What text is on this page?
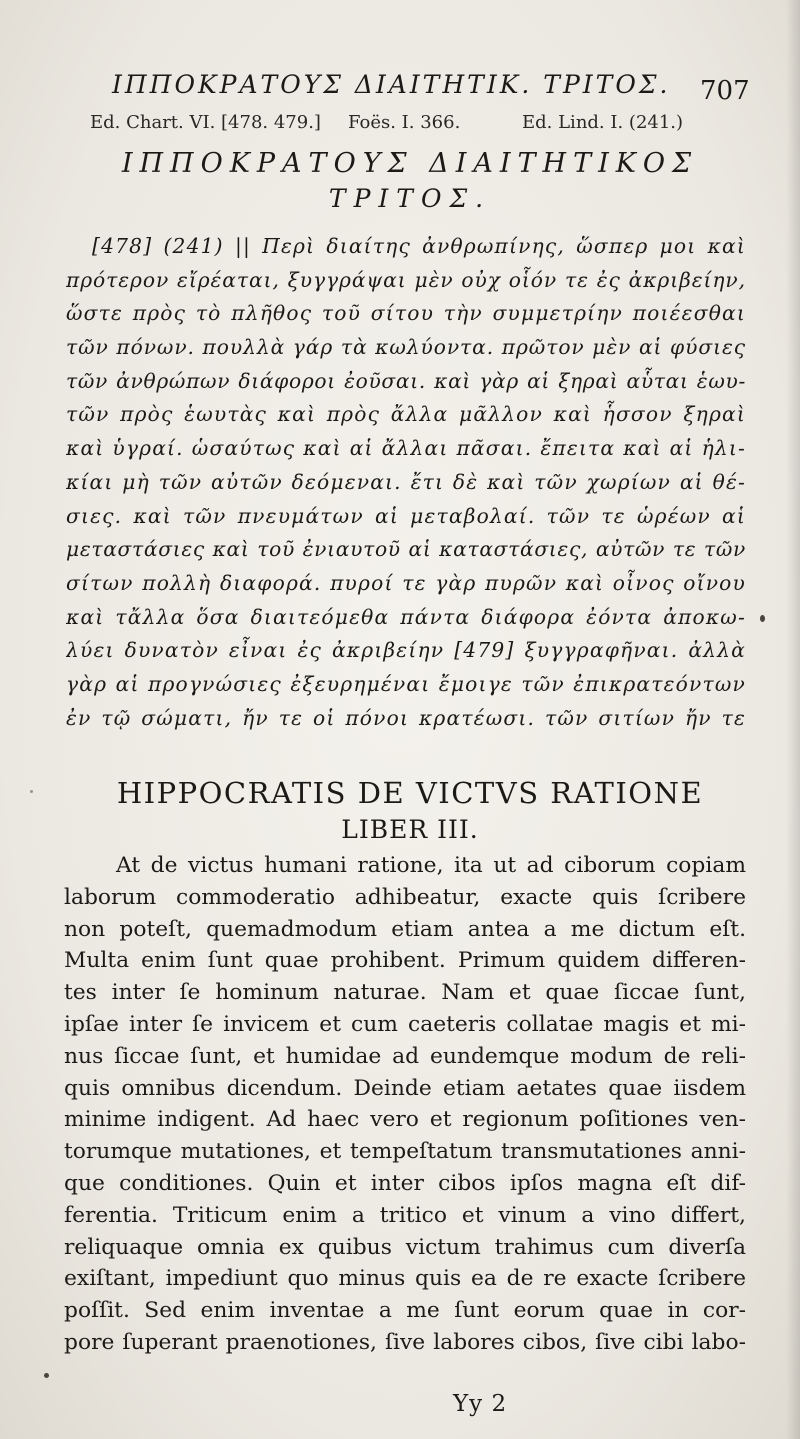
ΙΠΠΟΚΡΑΤΟΥΣ ΔΙΑΙΤΗΤΙΚ. ΤΡΙΤΟΣ.	707
Ed. Chart. VI. [478. 479.] Foës. I. 366.	Ed. Lind. I. (241.)
ΙΠΠΟΚΡΑΤΟΥΣ ΔΙΑΙΤΗΤΙΚΟΣ
ΤΡΙΤΟΣ.
[478] (241) || Περὶ διαίτης ἀνθρωπίνης, ὥσπερ μοι καὶ
πρότερον εἴρέαται, ξυγγράψαι μὲν οὐχ οἷόν τε ἐς ἀκριβείην,
ὥστε πρὸς τὸ πλῆθος τοῦ σίτου τὴν συμμετρίην ποιέεσθαι
τῶν πόνων. πουλλὰ γάρ τὰ κωλύοντα. πρῶτον μὲν αἱ φύσιες
τῶν ἀνθρώπων διάφοροι ἐοῦσαι. καὶ γὰρ αἱ ξηραὶ αὗται ἑωυ-
τῶν πρὸς ἑωυτὰς καὶ πρὸς ἄλλα μᾶλλον καὶ ἧσσον ξηραὶ
καὶ ὑγραί. ὡσαύτως καὶ αἱ ἄλλαι πᾶσαι. ἔπειτα καὶ αἱ ἡλι-
κίαι μὴ τῶν αὐτῶν δεόμεναι. ἔτι δὲ καὶ τῶν χωρίων αἱ θέ-
σιες. καὶ τῶν πνευμάτων αἱ μεταβολαί. τῶν τε ὡρέων αἱ
μεταστάσιες καὶ τοῦ ἐνιαυτοῦ αἱ καταστάσιες, αὐτῶν τε τῶν
σίτων πολλὴ διαφορά. πυροί τε γὰρ πυρῶν καὶ οἶνος οἴνου
καὶ τἄλλα ὅσα διαιτεόμεθα πάντα διάφορα ἐόντα ἀποκω-
λύει δυνατὸν εἶναι ἐς ἀκριβείην [479] ξυγγραφῆναι. ἀλλὰ
γὰρ αἱ προγνώσιες ἐξευρημέναι ἔμοιγε τῶν ἐπικρατεόντων
ἐν τῷ σώματι, ἤν τε οἱ πόνοι κρατέωσι. τῶν σιτίων ἤν τε
HIPPOCRATIS DE VICTVS RATIONE
LIBER III.
At de victus humani ratione, ita ut ad ciborum copiam
laborum commoderatio adhibeatur, exacte quis ſcribere
non poteſt, quemadmodum etiam antea a me dictum eſt.
Multa enim ſunt quae prohibent. Primum quidem differen-
tes inter ſe hominum naturae. Nam et quae ſiccae ſunt,
ipſae inter ſe invicem et cum caeteris collatae magis et mi-
nus ſiccae ſunt, et humidae ad eundemque modum de reli-
quis omnibus dicendum. Deinde etiam aetates quae iisdem
minime indigent. Ad haec vero et regionum poſitiones ven-
torumque mutationes, et tempeſtatum transmutationes anni-
que conditiones. Quin et inter cibos ipſos magna eſt dif-
ferentia. Triticum enim a tritico et vinum a vino differt,
reliquaque omnia ex quibus victum trahimus cum diverſa
exiſtant, impediunt quo minus quis ea de re exacte ſcribere
poſſit. Sed enim inventae a me ſunt eorum quae in cor-
pore ſuperant praenotiones, ſive labores cibos, ſive cibi labo-
Yy 2
